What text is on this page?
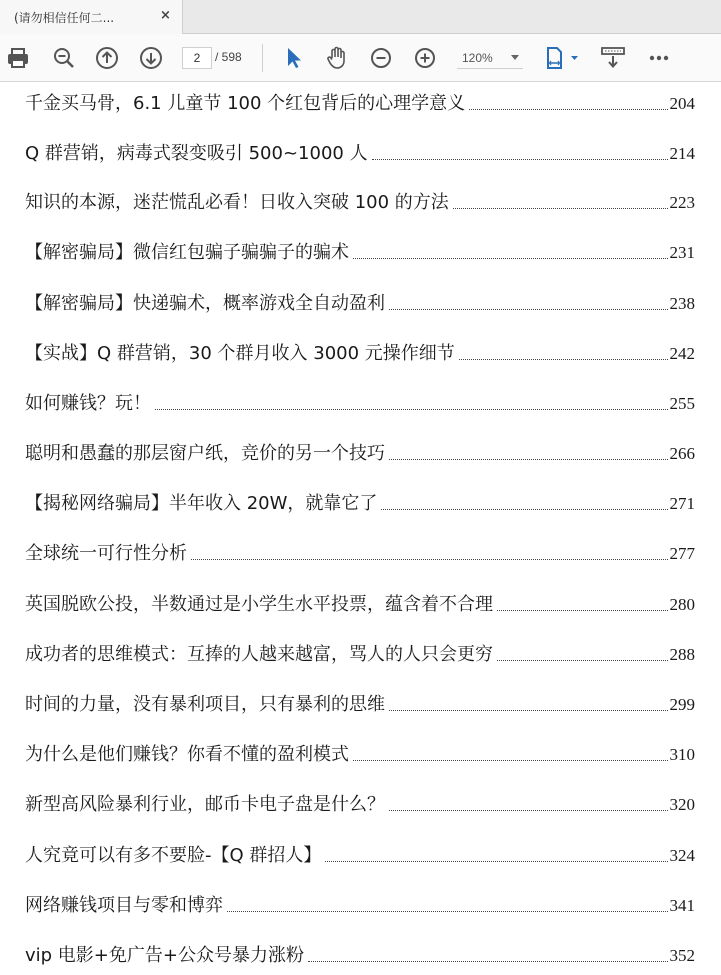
(请勿相信任何二...	×
2	/ 598	120%
千金买马骨，6.1 儿童节 100 个红包背后的心理学意义	204
Q 群营销，病毒式裂变吸引 500~1000 人	214
知识的本源，迷茫慌乱必看！日收入突破 100 的方法	223
【解密骗局】微信红包骗子骗骗子的骗术	231
【解密骗局】快递骗术，概率游戏全自动盈利	238
【实战】Q 群营销，30 个群月收入 3000 元操作细节	242
如何赚钱？玩！	255
聪明和愚蠢的那层窗户纸，竞价的另一个技巧	266
【揭秘网络骗局】半年收入 20W，就靠它了	271
全球统一可行性分析	277
英国脱欧公投，半数通过是小学生水平投票，蕴含着不合理	280
成功者的思维模式：互捧的人越来越富，骂人的人只会更穷	288
时间的力量，没有暴利项目，只有暴利的思维	299
为什么是他们赚钱？你看不懂的盈利模式	310
新型高风险暴利行业，邮币卡电子盘是什么？	320
人究竟可以有多不要脸-【Q 群招人】	324
网络赚钱项目与零和博弈	341
vip 电影+免广告+公众号暴力涨粉	352
